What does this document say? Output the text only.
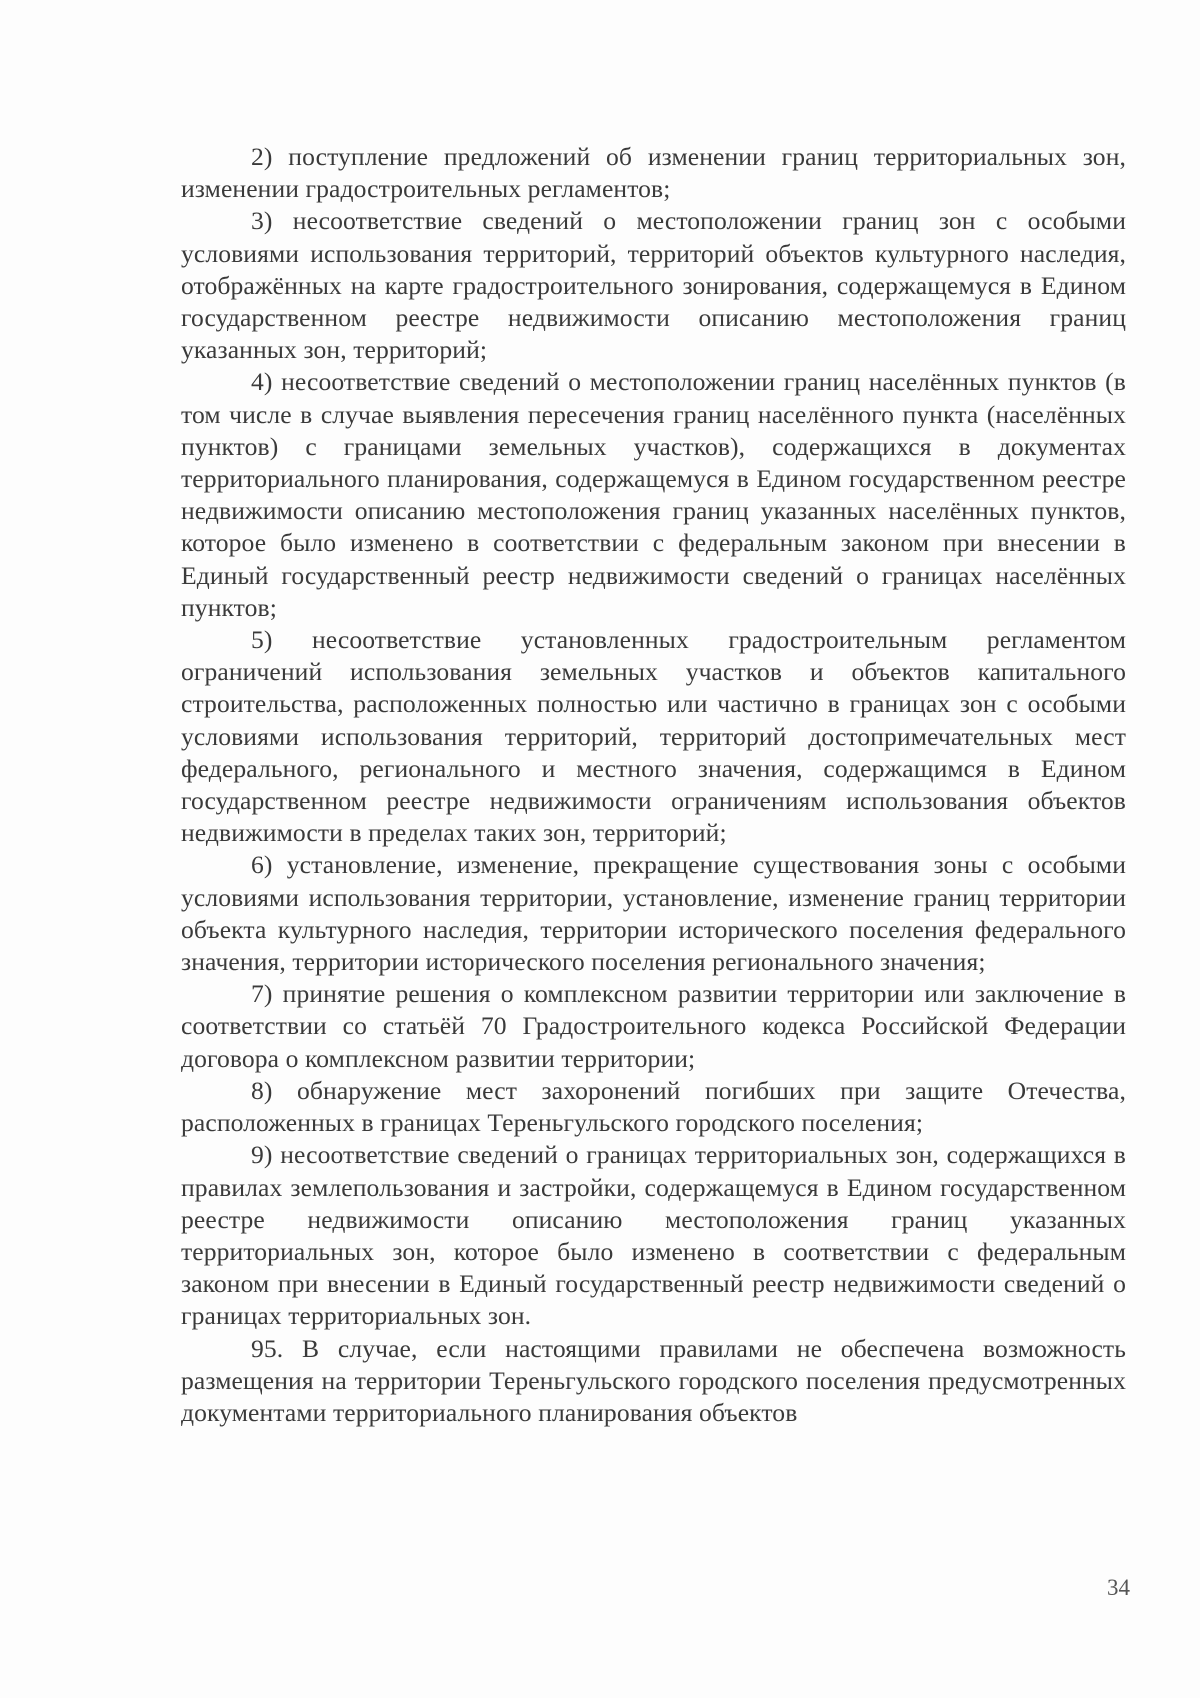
2) поступление предложений об изменении границ территориальных зон, изменении градостроительных регламентов;

3) несоответствие сведений о местоположении границ зон с особыми условиями использования территорий, территорий объектов культурного наследия, отображённых на карте градостроительного зонирования, содержащемуся в Едином государственном реестре недвижимости описанию местоположения границ указанных зон, территорий;

4) несоответствие сведений о местоположении границ населённых пунктов (в том числе в случае выявления пересечения границ населённого пункта (населённых пунктов) с границами земельных участков), содержащихся в документах территориального планирования, содержащемуся в Едином государственном реестре недвижимости описанию местоположения границ указанных населённых пунктов, которое было изменено в соответствии с федеральным законом при внесении в Единый государственный реестр недвижимости сведений о границах населённых пунктов;

5) несоответствие установленных градостроительным регламентом ограничений использования земельных участков и объектов капитального строительства, расположенных полностью или частично в границах зон с особыми условиями использования территорий, территорий достопримечательных мест федерального, регионального и местного значения, содержащимся в Едином государственном реестре недвижимости ограничениям использования объектов недвижимости в пределах таких зон, территорий;

6) установление, изменение, прекращение существования зоны с особыми условиями использования территории, установление, изменение границ территории объекта культурного наследия, территории исторического поселения федерального значения, территории исторического поселения регионального значения;

7) принятие решения о комплексном развитии территории или заключение в соответствии со статьёй 70 Градостроительного кодекса Российской Федерации договора о комплексном развитии территории;

8) обнаружение мест захоронений погибших при защите Отечества, расположенных в границах Тереньгульского городского поселения;

9) несоответствие сведений о границах территориальных зон, содержащихся в правилах землепользования и застройки, содержащемуся в Едином государственном реестре недвижимости описанию местоположения границ указанных территориальных зон, которое было изменено в соответствии с федеральным законом при внесении в Единый государственный реестр недвижимости сведений о границах территориальных зон.

95. В случае, если настоящими правилами не обеспечена возможность размещения на территории Тереньгульского городского поселения предусмотренных документами территориального планирования объектов

34
